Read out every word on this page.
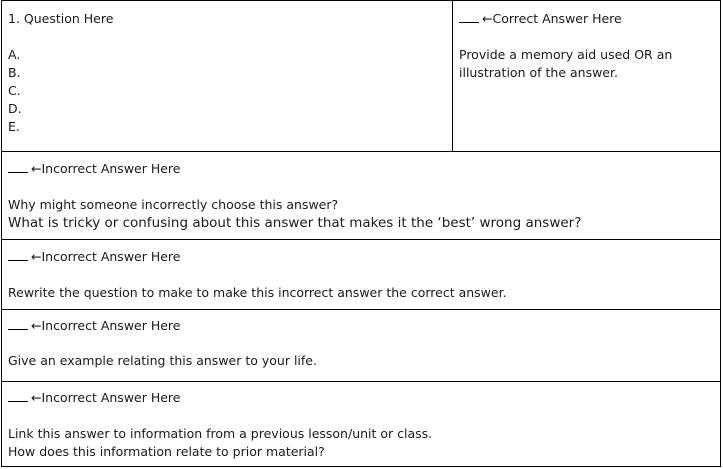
1. Question Here
A.
B.
C.
D.
E.
←Correct Answer Here
Provide a memory aid used OR an
illustration of the answer.
←Incorrect Answer Here
Why might someone incorrectly choose this answer?
What is tricky or confusing about this answer that makes it the ‘best’ wrong answer?
←Incorrect Answer Here
Rewrite the question to make to make this incorrect answer the correct answer.
←Incorrect Answer Here
Give an example relating this answer to your life.
←Incorrect Answer Here
Link this answer to information from a previous lesson/unit or class.
How does this information relate to prior material?
